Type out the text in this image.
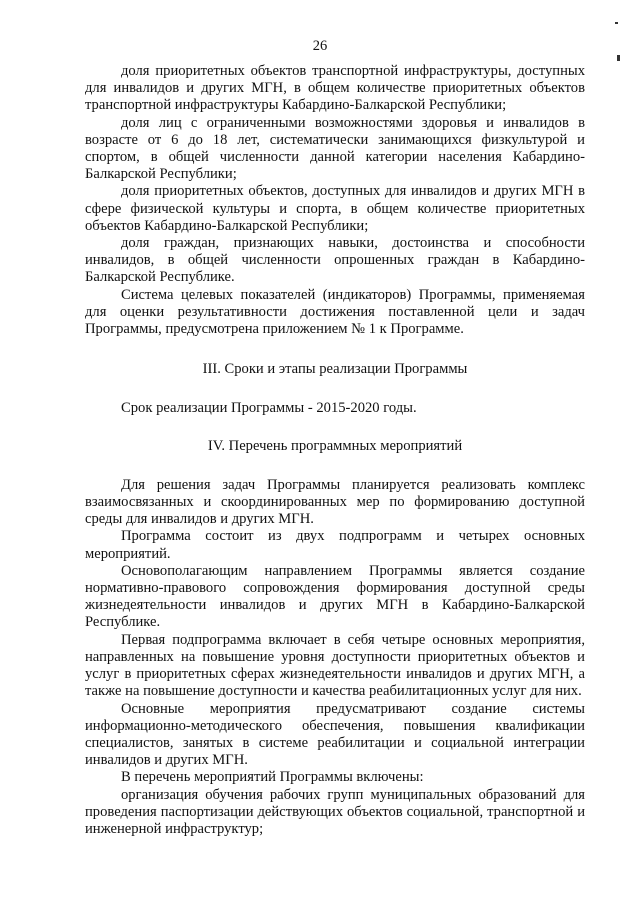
26

доля приоритетных объектов транспортной инфраструктуры, доступных для инвалидов и других МГН, в общем количестве приоритетных объектов транспортной инфраструктуры Кабардино-Балкарской Республики;

доля лиц с ограниченными возможностями здоровья и инвалидов в возрасте от 6 до 18 лет, систематически занимающихся физкультурой и спортом, в общей численности данной категории населения Кабардино-Балкарской Республики;

доля приоритетных объектов, доступных для инвалидов и других МГН в сфере физической культуры и спорта, в общем количестве приоритетных объектов Кабардино-Балкарской Республики;

доля граждан, признающих навыки, достоинства и способности инвалидов, в общей численности опрошенных граждан в Кабардино-Балкарской Республике.

Система целевых показателей (индикаторов) Программы, применяемая для оценки результативности достижения поставленной цели и задач Программы, предусмотрена приложением № 1 к Программе.

III. Сроки и этапы реализации Программы

Срок реализации Программы - 2015-2020 годы.

IV. Перечень программных мероприятий

Для решения задач Программы планируется реализовать комплекс взаимосвязанных и скоординированных мер по формированию доступной среды для инвалидов и других МГН.

Программа состоит из двух подпрограмм и четырех основных мероприятий.

Основополагающим направлением Программы является создание нормативно-правового сопровождения формирования доступной среды жизнедеятельности инвалидов и других МГН в Кабардино-Балкарской Республике.

Первая подпрограмма включает в себя четыре основных мероприятия, направленных на повышение уровня доступности приоритетных объектов и услуг в приоритетных сферах жизнедеятельности инвалидов и других МГН, а также на повышение доступности и качества реабилитационных услуг для них.

Основные мероприятия предусматривают создание системы информационно-методического обеспечения, повышения квалификации специалистов, занятых в системе реабилитации и социальной интеграции инвалидов и других МГН.

В перечень мероприятий Программы включены:

организация обучения рабочих групп муниципальных образований для проведения паспортизации действующих объектов социальной, транспортной и инженерной инфраструктур;
